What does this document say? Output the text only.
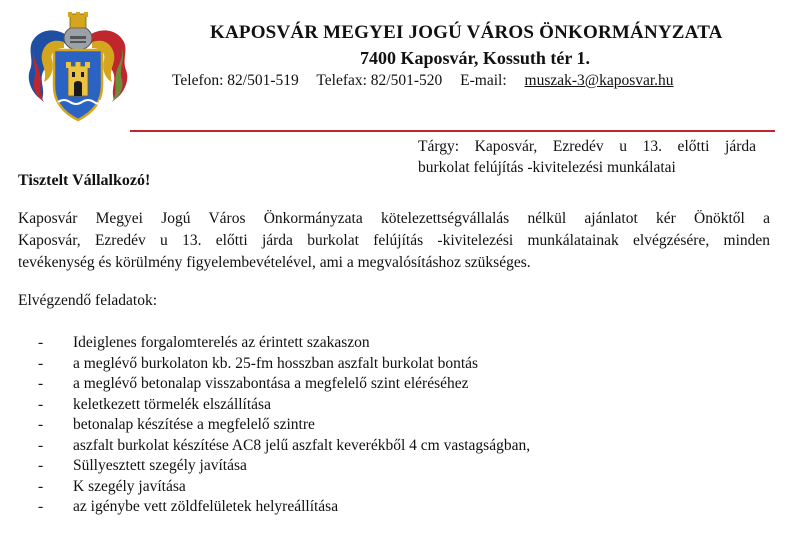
KAPOSVÁR MEGYEI JOGÚ VÁROS ÖNKORMÁNYZATA
7400 Kaposvár, Kossuth tér 1.
Telefon: 82/501-519 Telefax: 82/501-520 E-mail: muszak-3@kaposvar.hu
Tárgy: Kaposvár, Ezredév u 13. előtti járda
burkolat felújítás -kivitelezési munkálatai
Tisztelt Vállalkozó!
Kaposvár Megyei Jogú Város Önkormányzata kötelezettségvállalás nélkül ajánlatot kér Önöktől a
Kaposvár, Ezredév u 13. előtti járda burkolat felújítás -kivitelezési munkálatainak elvégzésére, minden
tevékenység és körülmény figyelembevételével, ami a megvalósításhoz szükséges.
Elvégzendő feladatok:
- Ideiglenes forgalomterelés az érintett szakaszon
- a meglévő burkolaton kb. 25-fm hosszban aszfalt burkolat bontás
- a meglévő betonalap visszabontása a megfelelő szint eléréséhez
- keletkezett törmelék elszállítása
- betonalap készítése a megfelelő szintre
- aszfalt burkolat készítése AC8 jelű aszfalt keverékből 4 cm vastagságban,
- Süllyesztett szegély javítása
- K szegély javítása
- az igénybe vett zöldfelületek helyreállítása
